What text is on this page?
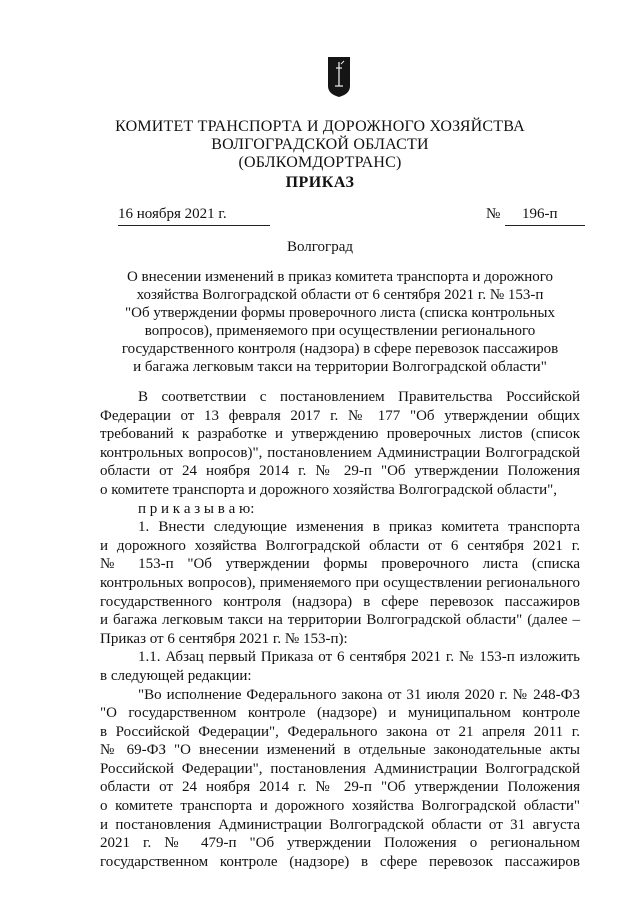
КОМИТЕТ ТРАНСПОРТА И ДОРОЖНОГО ХОЗЯЙСТВА
ВОЛГОГРАДСКОЙ ОБЛАСТИ
(ОБЛКОМДОРТРАНС)
ПРИКАЗ
16 ноября 2021 г.	№ 196-п
Волгоград
О внесении изменений в приказ комитета транспорта и дорожного
хозяйства Волгоградской области от 6 сентября 2021 г. № 153-п
"Об утверждении формы проверочного листа (списка контрольных
вопросов), применяемого при осуществлении регионального
государственного контроля (надзора) в сфере перевозок пассажиров
и багажа легковым такси на территории Волгоградской области"
В соответствии с постановлением Правительства Российской
Федерации от 13 февраля 2017 г. № 177 "Об утверждении общих
требований к разработке и утверждению проверочных листов (список
контрольных вопросов)", постановлением Администрации Волгоградской
области от 24 ноября 2014 г. № 29-п "Об утверждении Положения
о комитете транспорта и дорожного хозяйства Волгоградской области",
п р и к а з ы в а ю:
1. Внести следующие изменения в приказ комитета транспорта
и дорожного хозяйства Волгоградской области от 6 сентября 2021 г.
№ 153-п "Об утверждении формы проверочного листа (списка
контрольных вопросов), применяемого при осуществлении регионального
государственного контроля (надзора) в сфере перевозок пассажиров
и багажа легковым такси на территории Волгоградской области" (далее –
Приказ от 6 сентября 2021 г. № 153-п):
1.1. Абзац первый Приказа от 6 сентября 2021 г. № 153-п изложить
в следующей редакции:
"Во исполнение Федерального закона от 31 июля 2020 г. № 248-ФЗ
"О государственном контроле (надзоре) и муниципальном контроле
в Российской Федерации", Федерального закона от 21 апреля 2011 г.
№ 69-ФЗ "О внесении изменений в отдельные законодательные акты
Российской Федерации", постановления Администрации Волгоградской
области от 24 ноября 2014 г. № 29-п "Об утверждении Положения
о комитете транспорта и дорожного хозяйства Волгоградской области"
и постановления Администрации Волгоградской области от 31 августа
2021 г. № 479-п "Об утверждении Положения о региональном
государственном контроле (надзоре) в сфере перевозок пассажиров
